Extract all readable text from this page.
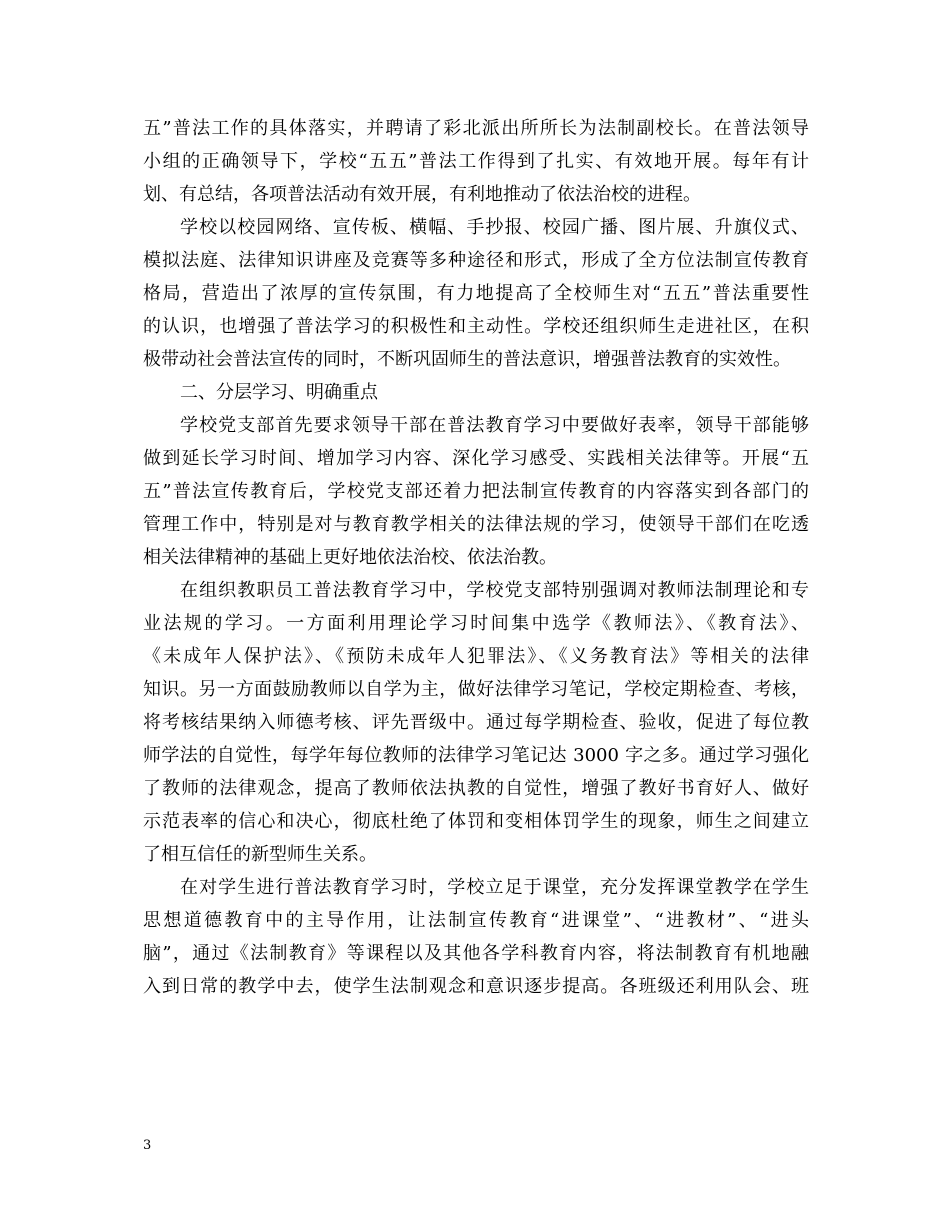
五”普法工作的具体落实，并聘请了彩北派出所所长为法制副校长。在普法领导
小组的正确领导下，学校“五五”普法工作得到了扎实、有效地开展。每年有计
划、有总结，各项普法活动有效开展，有利地推动了依法治校的进程。
学校以校园网络、宣传板、横幅、手抄报、校园广播、图片展、升旗仪式、
模拟法庭、法律知识讲座及竞赛等多种途径和形式，形成了全方位法制宣传教育
格局，营造出了浓厚的宣传氛围，有力地提高了全校师生对“五五”普法重要性
的认识，也增强了普法学习的积极性和主动性。学校还组织师生走进社区，在积
极带动社会普法宣传的同时，不断巩固师生的普法意识，增强普法教育的实效性。
二、分层学习、明确重点
学校党支部首先要求领导干部在普法教育学习中要做好表率，领导干部能够
做到延长学习时间、增加学习内容、深化学习感受、实践相关法律等。开展“五
五”普法宣传教育后，学校党支部还着力把法制宣传教育的内容落实到各部门的
管理工作中，特别是对与教育教学相关的法律法规的学习，使领导干部们在吃透
相关法律精神的基础上更好地依法治校、依法治教。
在组织教职员工普法教育学习中，学校党支部特别强调对教师法制理论和专
业法规的学习。一方面利用理论学习时间集中选学《教师法》、《教育法》、
《未成年人保护法》、《预防未成年人犯罪法》、《义务教育法》等相关的法律
知识。另一方面鼓励教师以自学为主，做好法律学习笔记，学校定期检查、考核，
将考核结果纳入师德考核、评先晋级中。通过每学期检查、验收，促进了每位教
师学法的自觉性，每学年每位教师的法律学习笔记达 3000 字之多。通过学习强化
了教师的法律观念，提高了教师依法执教的自觉性，增强了教好书育好人、做好
示范表率的信心和决心，彻底杜绝了体罚和变相体罚学生的现象，师生之间建立
了相互信任的新型师生关系。
在对学生进行普法教育学习时，学校立足于课堂，充分发挥课堂教学在学生
思想道德教育中的主导作用，让法制宣传教育“进课堂”、“进教材”、“进头
脑”，通过《法制教育》等课程以及其他各学科教育内容，将法制教育有机地融
入到日常的教学中去，使学生法制观念和意识逐步提高。各班级还利用队会、班
3
